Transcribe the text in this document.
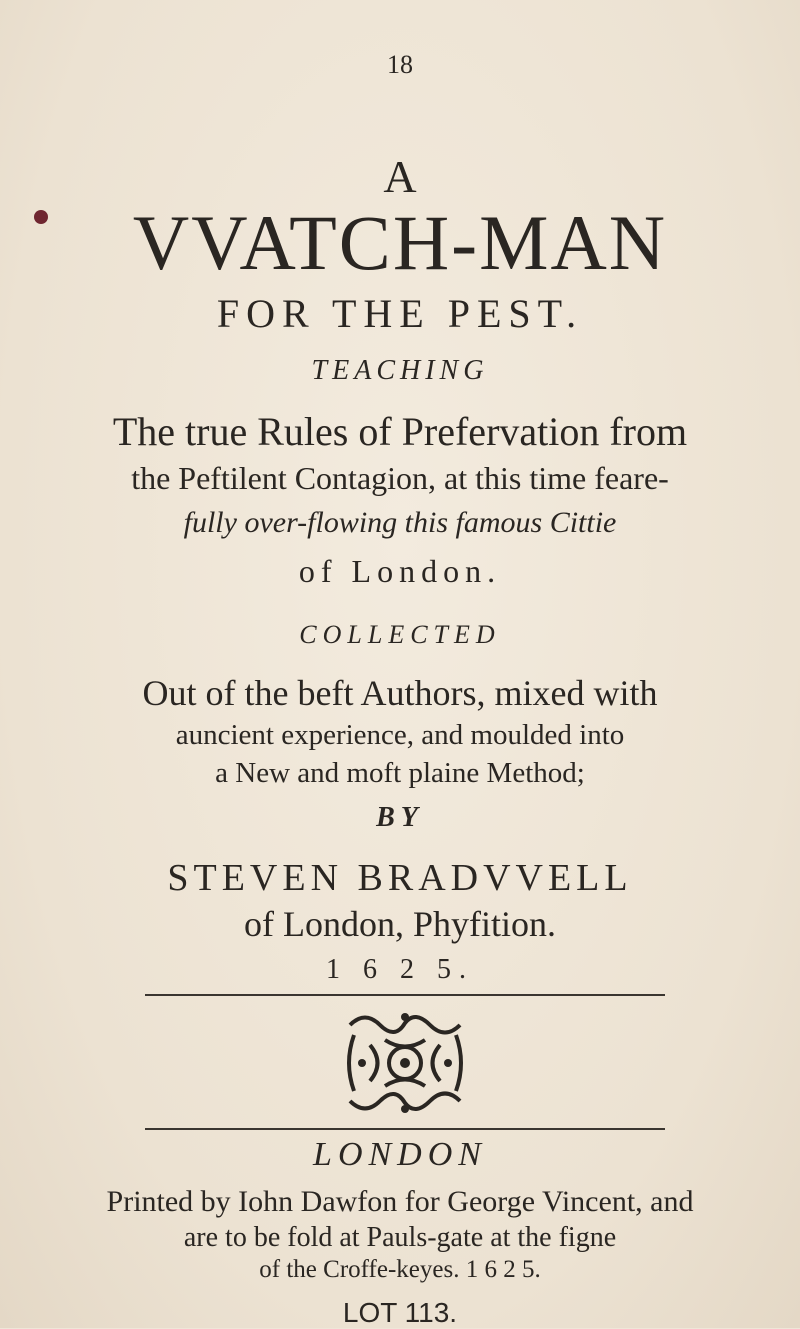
18
A
VVATCH-MAN
FOR THE PEST.
TEACHING
The true Rules of Prefervation from
the Peftilent Contagion, at this time feare-
fully over-flowing this famous Cittie
of London.
COLLECTED
Out of the beft Authors, mixed with
auncient experience, and moulded into
a New and moft plaine Method;
BY
STEVEN BRADVVELL
of London, Phyfition.
1 6 2 5.
LONDON
Printed by Iohn Dawfon for George Vincent, and
are to be fold at Pauls-gate at the figne
of the Croffe-keyes. 1 6 2 5.
LOT 113.
